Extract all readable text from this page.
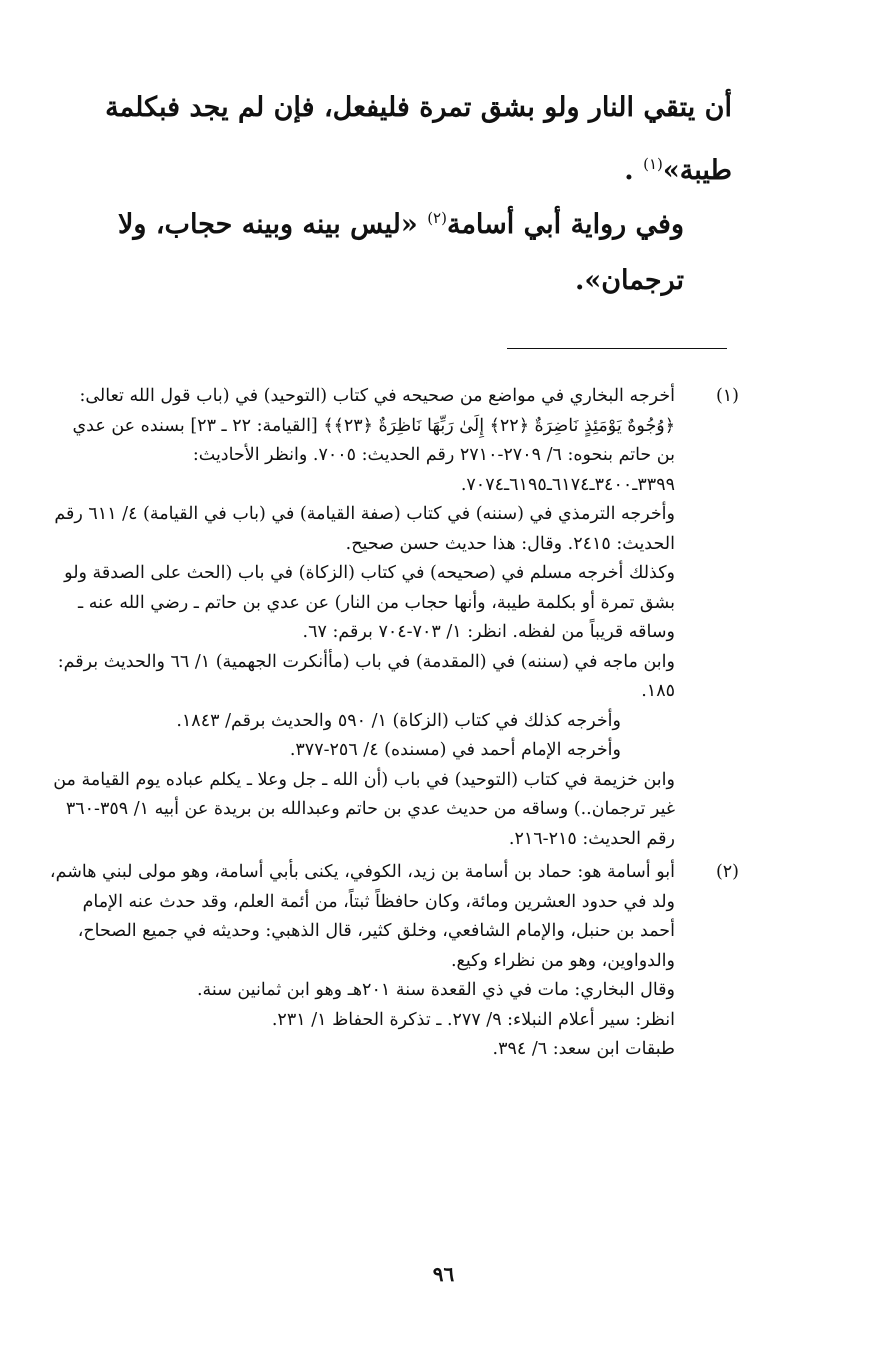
أن يتقي النار ولو بشق تمرة فليفعل، فإن لم يجد فبكلمة طيبة»$^{(١)}$ .

وفي رواية أبي أسامة$^{(٢)}$ «ليس بينه وبينه حجاب، ولا ترجمان».

(١)

أخرجه البخاري في مواضع من صحيحه في كتاب (التوحيد) في (باب قول الله تعالى: ﴿وُجُوهٌ يَوْمَئِذٍ نَاضِرَةٌ ﴿٢٢﴾ إِلَىٰ رَبِّهَا نَاظِرَةٌ ﴿٢٣﴾﴾ [القيامة: ٢٢ ـ ٢٣] بسنده عن عدي بن حاتم بنحوه: ٦/ ٢٧٠٩-٢٧١٠ رقم الحديث: ٧٠٠٥. وانظر الأحاديث: ٣٣٩٩ـ٣٤٠٠ـ٦١٧٤ـ٦١٩٥ـ٧٠٧٤.

وأخرجه الترمذي في (سننه) في كتاب (صفة القيامة) في (باب في القيامة) ٤/ ٦١١ رقم الحديث: ٢٤١٥. وقال: هذا حديث حسن صحيح.

وكذلك أخرجه مسلم في (صحيحه) في كتاب (الزكاة) في باب (الحث على الصدقة ولو بشق تمرة أو بكلمة طيبة، وأنها حجاب من النار) عن عدي بن حاتم ـ رضي الله عنه ـ وساقه قريباً من لفظه. انظر: ١/ ٧٠٣-٧٠٤ برقم: ٦٧.

وابن ماجه في (سننه) في (المقدمة) في باب (مأأنكرت الجهمية) ١/ ٦٦ والحديث برقم: ١٨٥.

وأخرجه كذلك في كتاب (الزكاة) ١/ ٥٩٠ والحديث برقم/ ١٨٤٣.

وأخرجه الإمام أحمد في (مسنده) ٤/ ٢٥٦-٣٧٧.

وابن خزيمة في كتاب (التوحيد) في باب (أن الله ـ جل وعلا ـ يكلم عباده يوم القيامة من غير ترجمان..) وساقه من حديث عدي بن حاتم وعبدالله بن بريدة عن أبيه ١/ ٣٥٩-٣٦٠ رقم الحديث: ٢١٥-٢١٦.

(٢)

أبو أسامة هو: حماد بن أسامة بن زيد، الكوفي، يكنى بأبي أسامة، وهو مولى لبني هاشم، ولد في حدود العشرين ومائة، وكان حافظاً ثبتاً، من أئمة العلم، وقد حدث عنه الإمام أحمد بن حنبل، والإمام الشافعي، وخلق كثير، قال الذهبي: وحديثه في جميع الصحاح، والدواوين، وهو من نظراء وكيع.

وقال البخاري: مات في ذي القعدة سنة ٢٠١هـ وهو ابن ثمانين سنة.

انظر: سير أعلام النبلاء: ٩/ ٢٧٧. ـ تذكرة الحفاظ ١/ ٢٣١.

طبقات ابن سعد: ٦/ ٣٩٤.

٩٦
